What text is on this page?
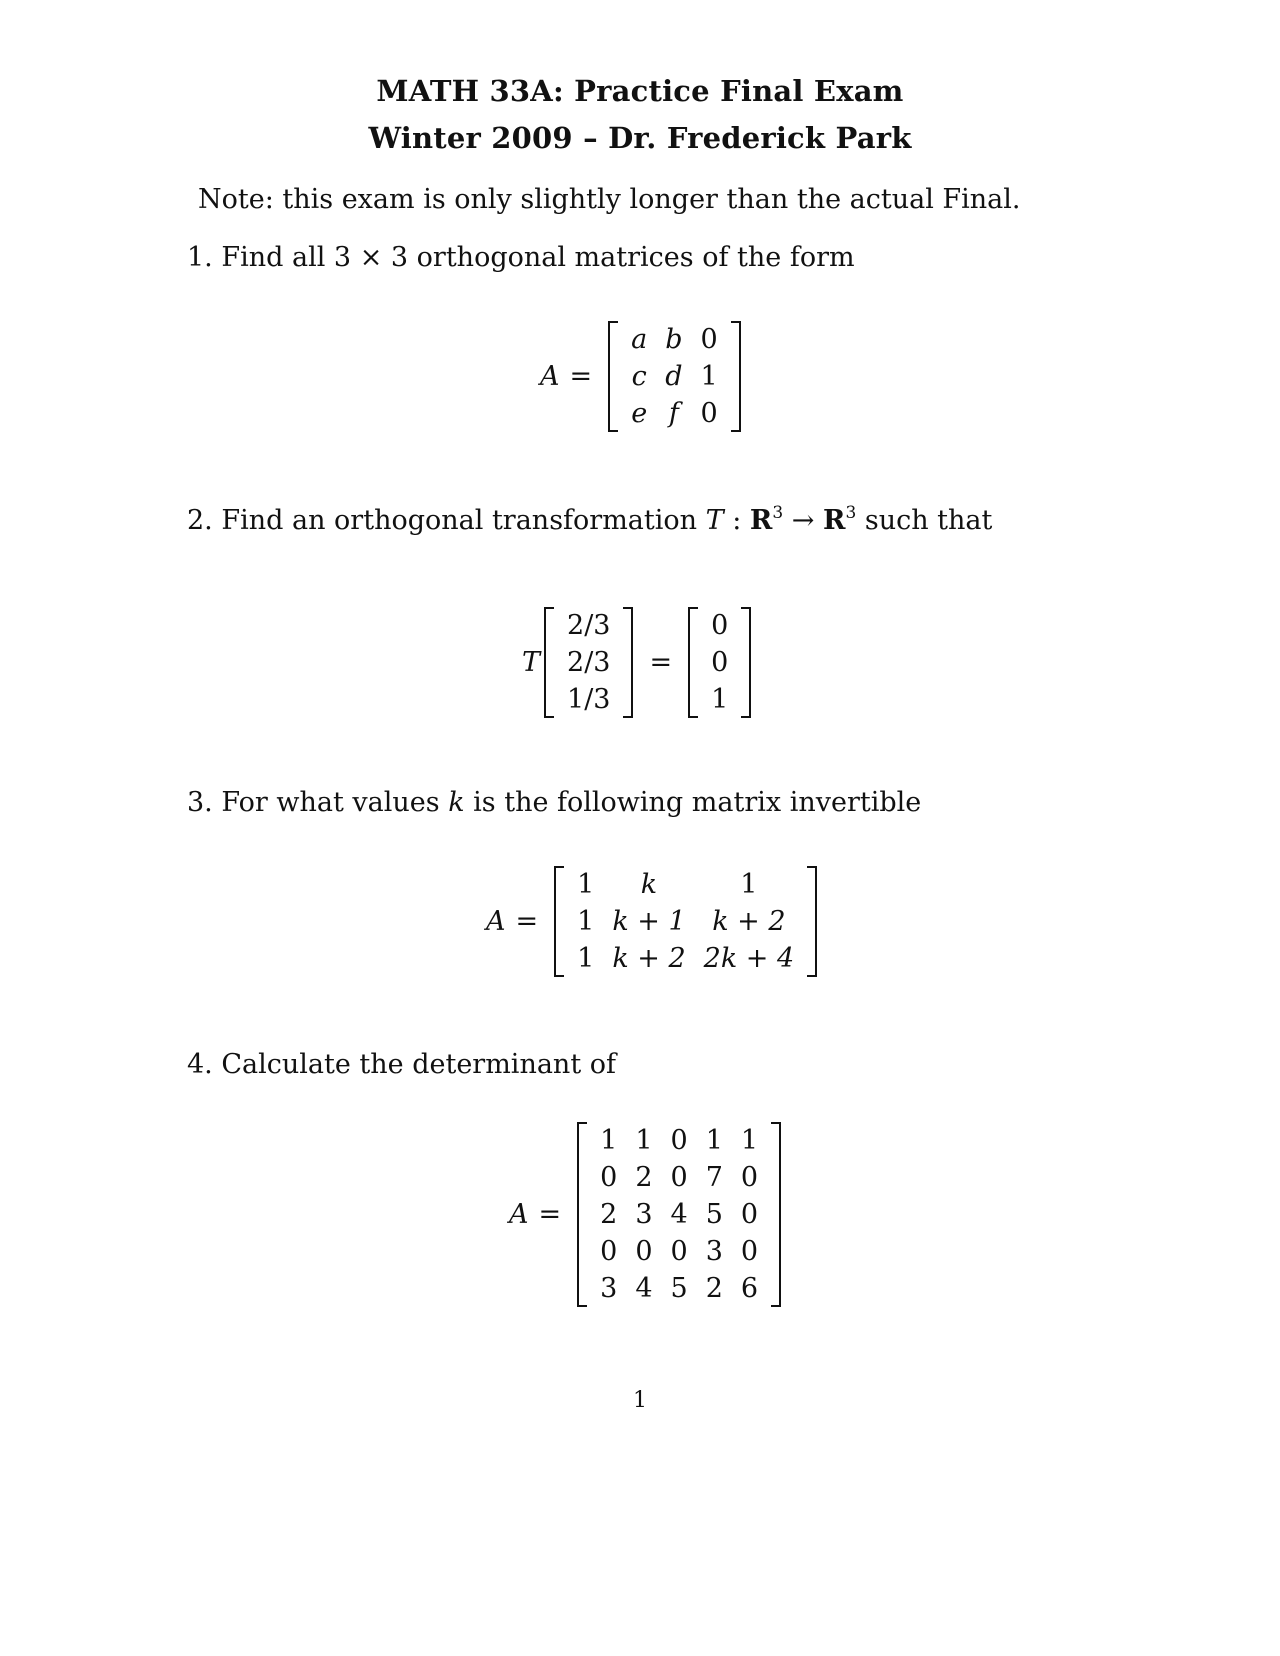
MATH 33A: Practice Final Exam
Winter 2009 – Dr. Frederick Park
Note: this exam is only slightly longer than the actual Final.
1. Find all 3 × 3 orthogonal matrices of the form
A =
a	b	0
c	d	1
e	f	0
2. Find an orthogonal transformation T : $R^3 \to R^3$ such that
T
2/3
2/3
1/3
=
0
0
1
3. For what values k is the following matrix invertible
A =
1	k	1
1	k + 1	k + 2
1	k + 2	2k + 4
4. Calculate the determinant of
A =
1	1	0	1	1
0	2	0	7	0
2	3	4	5	0
0	0	0	3	0
3	4	5	2	6
1
